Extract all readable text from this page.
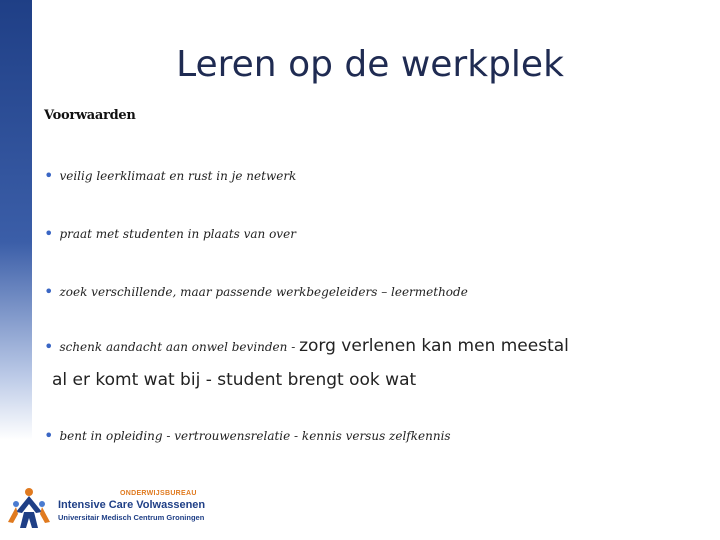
Leren op de werkplek
Voorwaarden
• veilig leerklimaat en rust in je netwerk
• praat met studenten in plaats van over
• zoek verschillende, maar passende werkbegeleiders – leermethode
• schenk aandacht aan onwel bevinden - zorg verlenen kan men meestal
al er komt wat bij - student brengt ook wat
• bent in opleiding - vertrouwensrelatie - kennis versus zelfkennis
ONDERWIJSBUREAU
Intensive Care Volwassenen
Universitair Medisch Centrum Groningen
